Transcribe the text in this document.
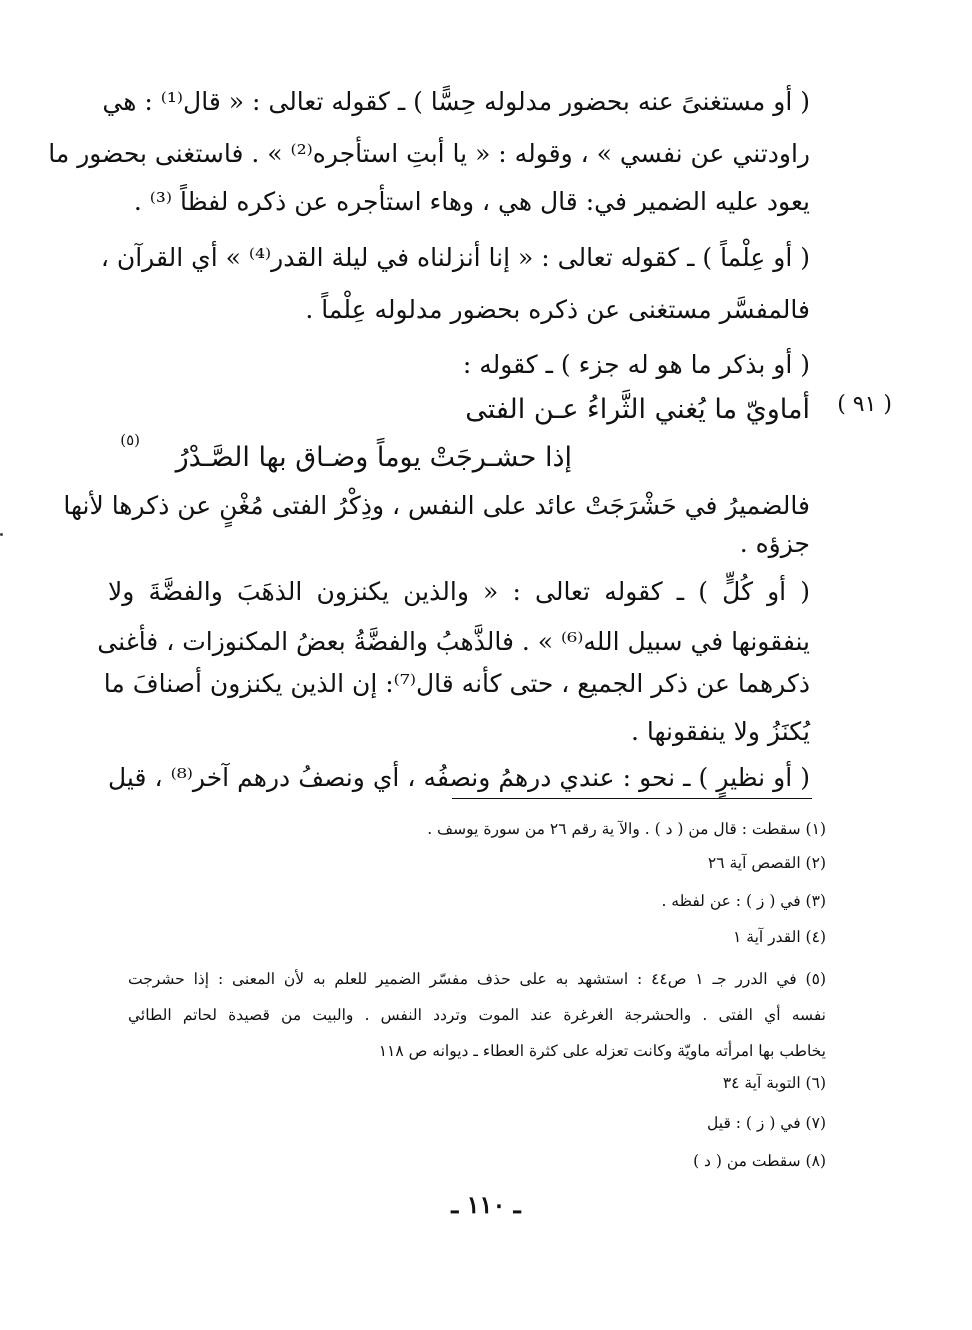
( أو مستغنىً عنه بحضور مدلوله حِسًّا ) ـ كقوله تعالى : « قال⁽¹⁾ : هي
راودتني عن نفسي » ، وقوله : « يا أبتِ استأجره⁽²⁾ » . فاستغنى بحضور ما
يعود عليه الضمير في: قال هي ، وهاء استأجره عن ذكره لفظاً ⁽³⁾ .
( أو عِلْماً ) ـ كقوله تعالى : « إنا أنزلناه في ليلة القدر⁽⁴⁾ » أي القرآن ،
فالمفسَّر مستغنى عن ذكره بحضور مدلوله عِلْماً .
( أو بذكر ما هو له جزء ) ـ كقوله :
( ٩١ )
أماويّ ما يُغني الثَّراءُ عـن الفتى
(٥)
إذا حشـرجَتْ يوماً وضـاق بها الصَّـدْرُ
فالضميرُ في حَشْرَجَتْ عائد على النفس ، وذِكْرُ الفتى مُغْنٍ عن ذكرها لأنها
جزؤه .
( أو كُلٍّ ) ـ كقوله تعالى : « والذين يكنزون الذهَبَ والفضَّةَ ولا
ينفقونها في سبيل الله⁽⁶⁾ » . فالذَّهبُ والفضَّةُ بعضُ المكنوزات ، فأغنى
ذكرهما عن ذكر الجميع ، حتى كأنه قال⁽⁷⁾: إن الذين يكنزون أصنافَ ما
يُكنَزُ ولا ينفقونها .
( أو نظيرٍ ) ـ نحو : عندي درهمُ ونصفُه ، أي ونصفُ درهم آخر⁽⁸⁾ ، قيل
(١) سقطت : قال من ( د ) . والآ ية رقم ٢٦ من سورة يوسف .
(٢) القصص آية ٢٦
(٣) في ( ز ) : عن لفظه .
(٤) القدر آية ١
(٥) في الدرر جـ ١ ص٤٤ : استشهد به على حذف مفسّر الضمير للعلم به لأن المعنى : إذا حشرجت
نفسه أي الفتى . والحشرجة الغرغرة عند الموت وتردد النفس . والبيت من قصيدة لحاتم الطائي
يخاطب بها امرأته ماويّة وكانت تعزله على كثرة العطاء ـ ديوانه ص ١١٨
(٦) التوبة آية ٣٤
(٧) في ( ز ) : قيل
(٨) سقطت من ( د )
ـ ١١٠ ـ
